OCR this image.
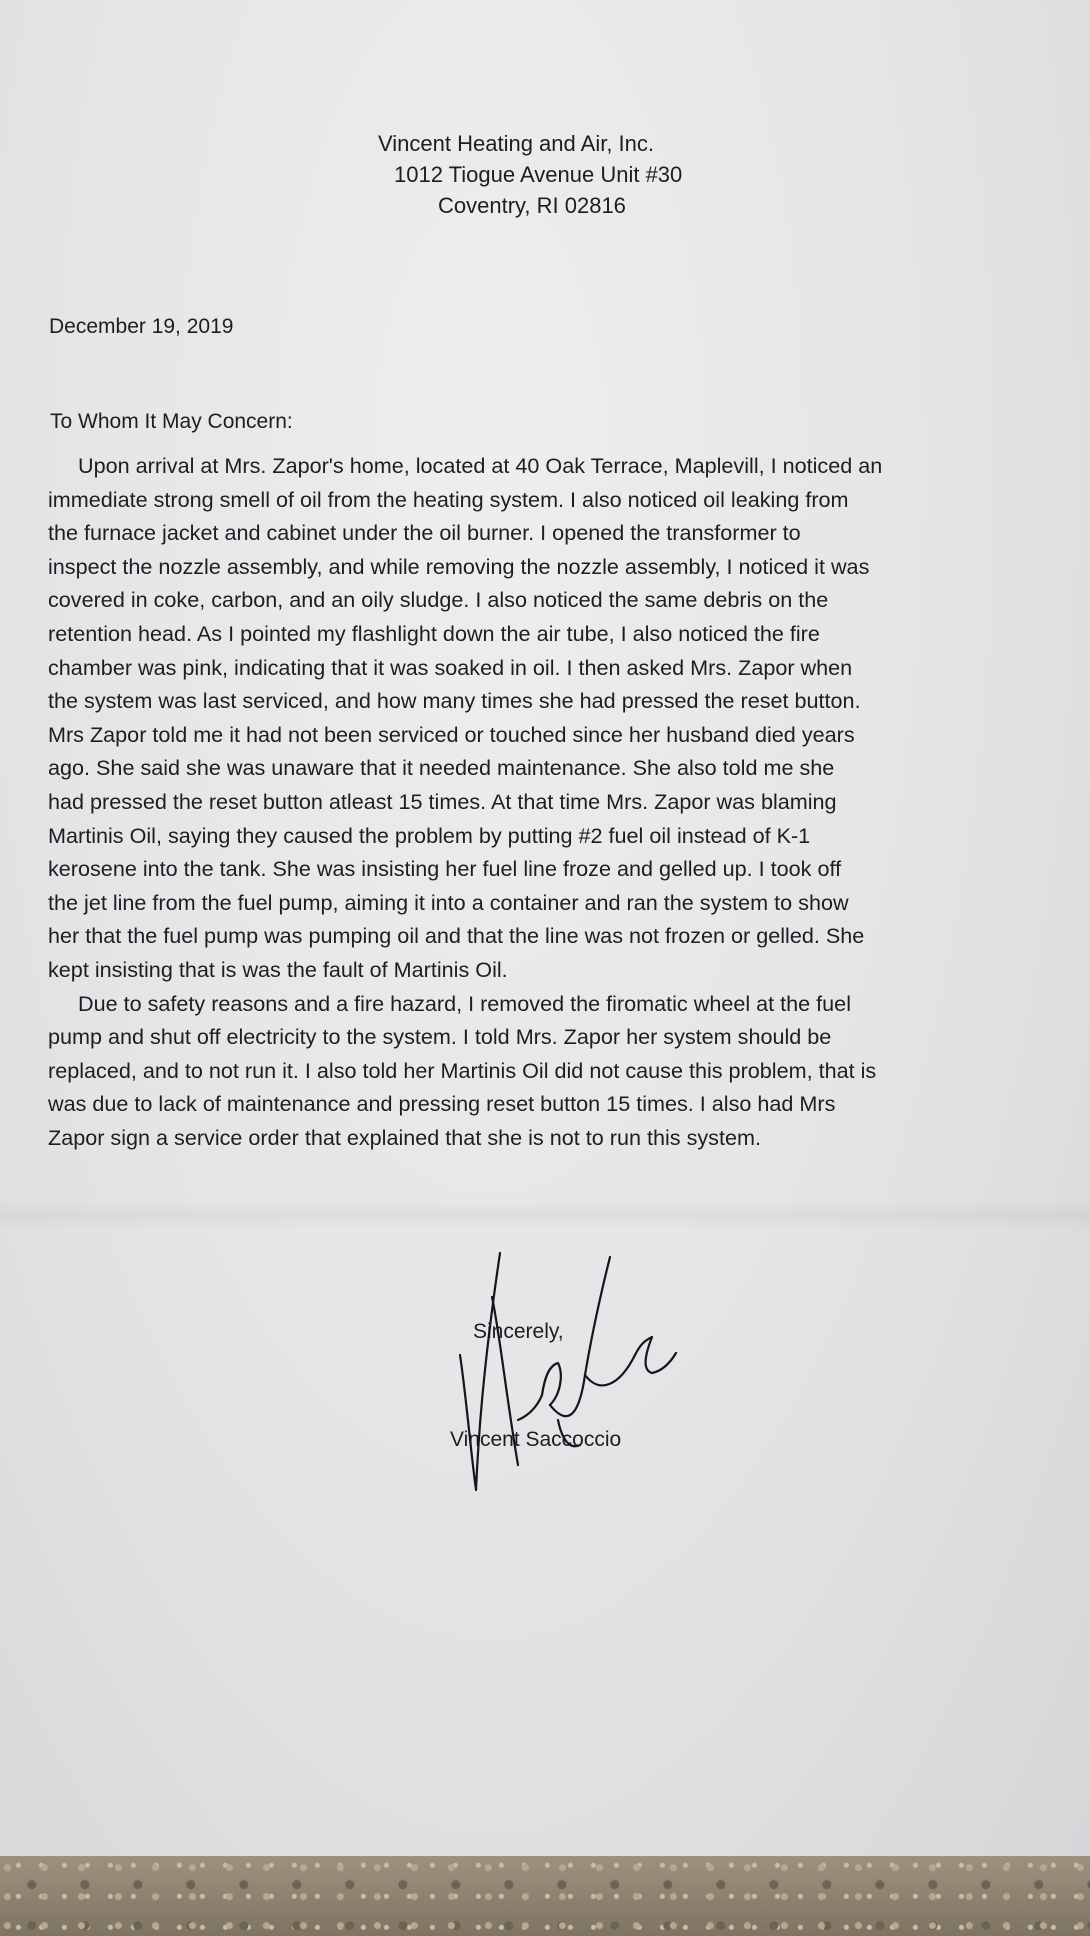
Vincent Heating and Air, Inc.
1012 Tiogue Avenue Unit #30
Coventry, RI 02816
December 19, 2019
To Whom It May Concern:
Upon arrival at Mrs. Zapor's home, located at 40 Oak Terrace, Maplevill, I noticed an
immediate strong smell of oil from the heating system. I also noticed oil leaking from
the furnace jacket and cabinet under the oil burner. I opened the transformer to
inspect the nozzle assembly, and while removing the nozzle assembly, I noticed it was
covered in coke, carbon, and an oily sludge. I also noticed the same debris on the
retention head. As I pointed my flashlight down the air tube, I also noticed the fire
chamber was pink, indicating that it was soaked in oil. I then asked Mrs. Zapor when
the system was last serviced, and how many times she had pressed the reset button.
Mrs Zapor told me it had not been serviced or touched since her husband died years
ago. She said she was unaware that it needed maintenance. She also told me she
had pressed the reset button atleast 15 times. At that time Mrs. Zapor was blaming
Martinis Oil, saying they caused the problem by putting #2 fuel oil instead of K-1
kerosene into the tank. She was insisting her fuel line froze and gelled up. I took off
the jet line from the fuel pump, aiming it into a container and ran the system to show
her that the fuel pump was pumping oil and that the line was not frozen or gelled. She
kept insisting that is was the fault of Martinis Oil.
Due to safety reasons and a fire hazard, I removed the firomatic wheel at the fuel
pump and shut off electricity to the system. I told Mrs. Zapor her system should be
replaced, and to not run it. I also told her Martinis Oil did not cause this problem, that is
was due to lack of maintenance and pressing reset button 15 times. I also had Mrs
Zapor sign a service order that explained that she is not to run this system.
Sincerely,
Vincent Saccoccio
